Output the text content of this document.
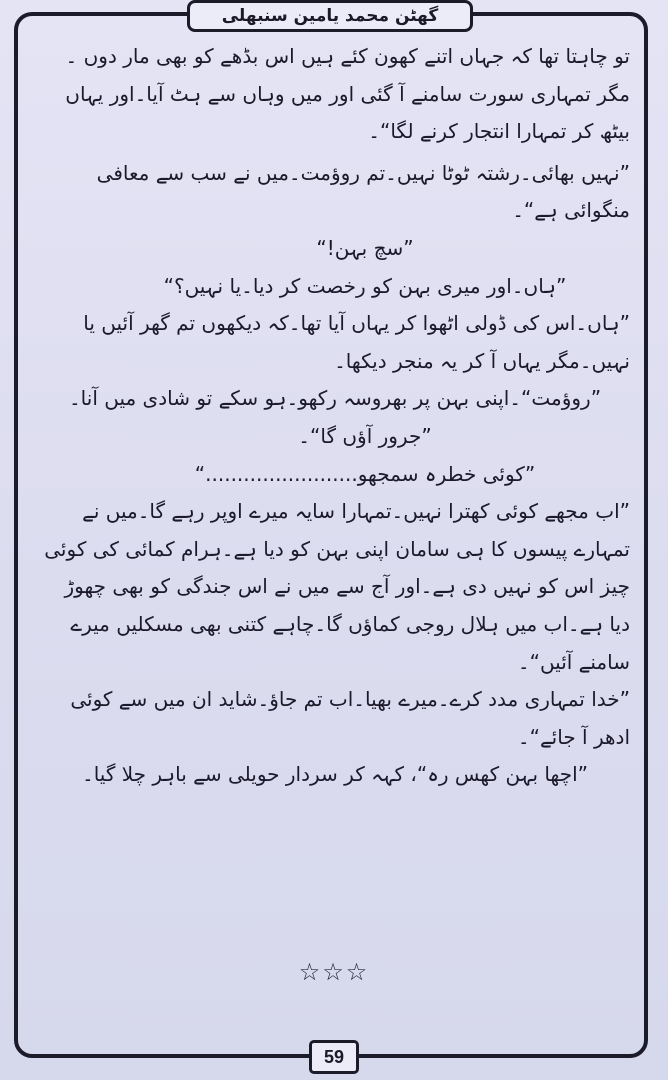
گھٹن محمد یامین سنبھلی

تو چاہتا تھا کہ جہاں اتنے کھون کئے ہیں اس بڈھے کو بھی مار دوں ۔مگر تمہاری سورت سامنے آ گئی اور میں وہاں سے ہٹ آیا۔اور یہاں بیٹھ کر تمہارا انتجار کرنے لگا“۔

”نہیں بھائی۔رشتہ ٹوٹا نہیں۔تم روؤمت۔میں نے سب سے معافی منگوائی ہے“۔

”سچ بہن!“

”ہاں۔اور میری بہن کو رخصت کر دیا۔یا نہیں؟“

”ہاں۔اس کی ڈولی اٹھوا کر یہاں آیا تھا۔کہ دیکھوں تم گھر آئیں یا نہیں۔مگر یہاں آ کر یہ منجر دیکھا۔

”روؤمت“۔اپنی بہن پر بھروسہ رکھو۔ہو سکے تو شادی میں آنا۔

”جرور آؤں گا“۔

”کوئی خطرہ سمجھو........................“

”اب مجھے کوئی کھترا نہیں۔تمہارا سایہ میرے اوپر رہے گا۔میں نے تمہارے پیسوں کا ہی سامان اپنی بہن کو دیا ہے۔ہرام کمائی کی کوئی چیز اس کو نہیں دی ہے۔اور آج سے میں نے اس جندگی کو بھی چھوڑ دیا ہے۔اب میں ہلال روجی کماؤں گا۔چاہے کتنی بھی مسکلیں میرے سامنے آئیں“۔

”خدا تمہاری مدد کرے۔میرے بھیا۔اب تم جاؤ۔شاید ان میں سے کوئی ادھر آ جائے“۔

”اچھا بہن کھس رہ“، کہہ کر سردار حویلی سے باہر چلا گیا۔

☆☆☆
59
